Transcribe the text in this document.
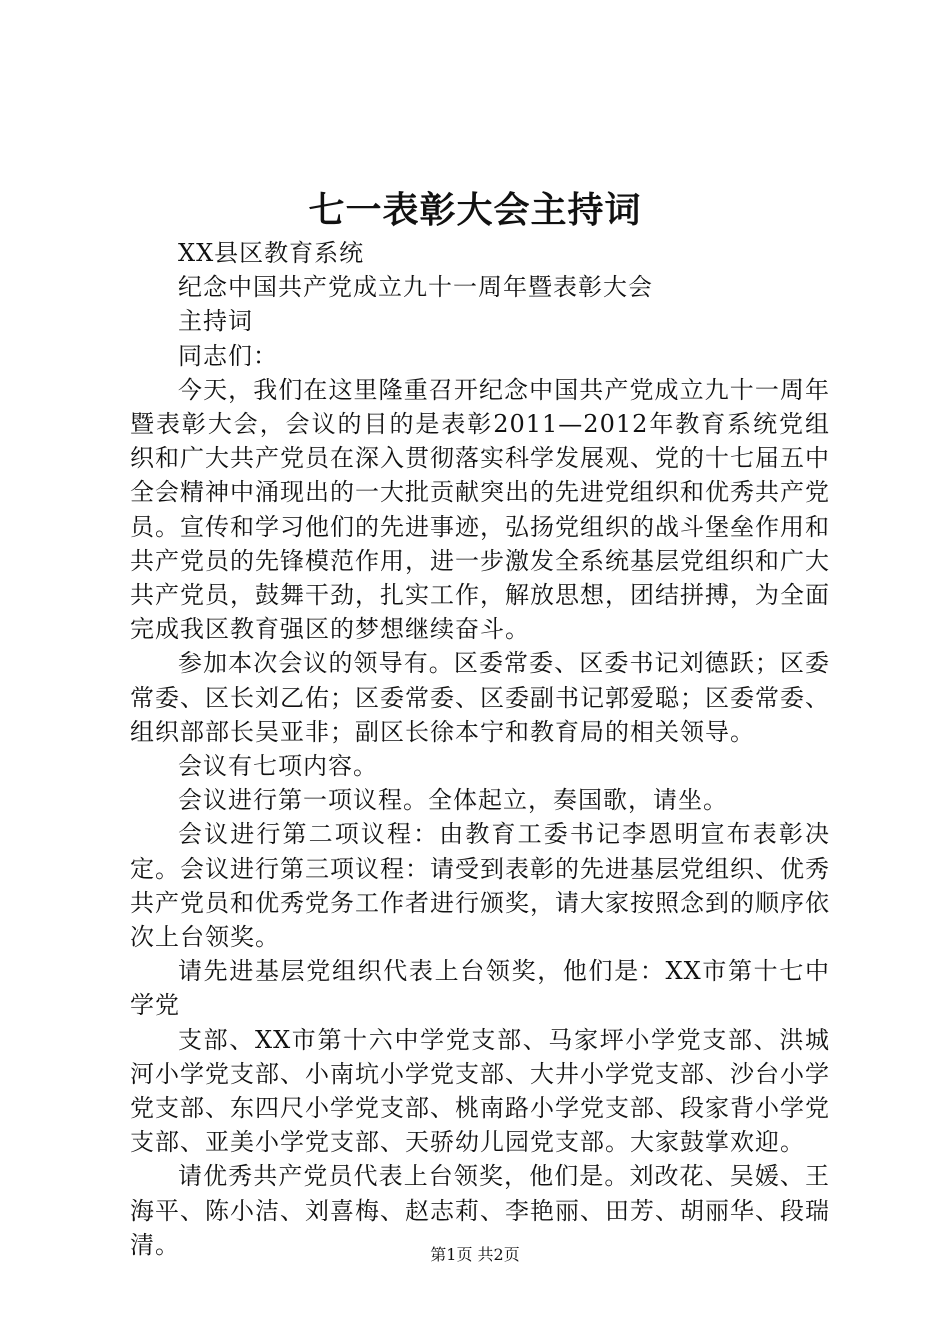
七一表彰大会主持词

XX县区教育系统

纪念中国共产党成立九十一周年暨表彰大会

主持词

同志们：

今天，我们在这里隆重召开纪念中国共产党成立九十一周年暨表彰大会，会议的目的是表彰2011—2012年教育系统党组织和广大共产党员在深入贯彻落实科学发展观、党的十七届五中全会精神中涌现出的一大批贡献突出的先进党组织和优秀共产党员。宣传和学习他们的先进事迹，弘扬党组织的战斗堡垒作用和共产党员的先锋模范作用，进一步激发全系统基层党组织和广大共产党员，鼓舞干劲，扎实工作，解放思想，团结拼搏，为全面完成我区教育强区的梦想继续奋斗。

参加本次会议的领导有。区委常委、区委书记刘德跃；区委常委、区长刘乙佑；区委常委、区委副书记郭爱聪；区委常委、组织部部长吴亚非；副区长徐本宁和教育局的相关领导。

会议有七项内容。

会议进行第一项议程。全体起立，奏国歌，请坐。

会议进行第二项议程：由教育工委书记李恩明宣布表彰决定。会议进行第三项议程：请受到表彰的先进基层党组织、优秀共产党员和优秀党务工作者进行颁奖，请大家按照念到的顺序依次上台领奖。

请先进基层党组织代表上台领奖，他们是：XX市第十七中学党

支部、XX市第十六中学党支部、马家坪小学党支部、洪城河小学党支部、小南坑小学党支部、大井小学党支部、沙台小学党支部、东四尺小学党支部、桃南路小学党支部、段家背小学党支部、亚美小学党支部、天骄幼儿园党支部。大家鼓掌欢迎。

请优秀共产党员代表上台领奖，他们是。刘改花、吴媛、王海平、陈小洁、刘喜梅、赵志莉、李艳丽、田芳、胡丽华、段瑞清。	第1页 共2页
